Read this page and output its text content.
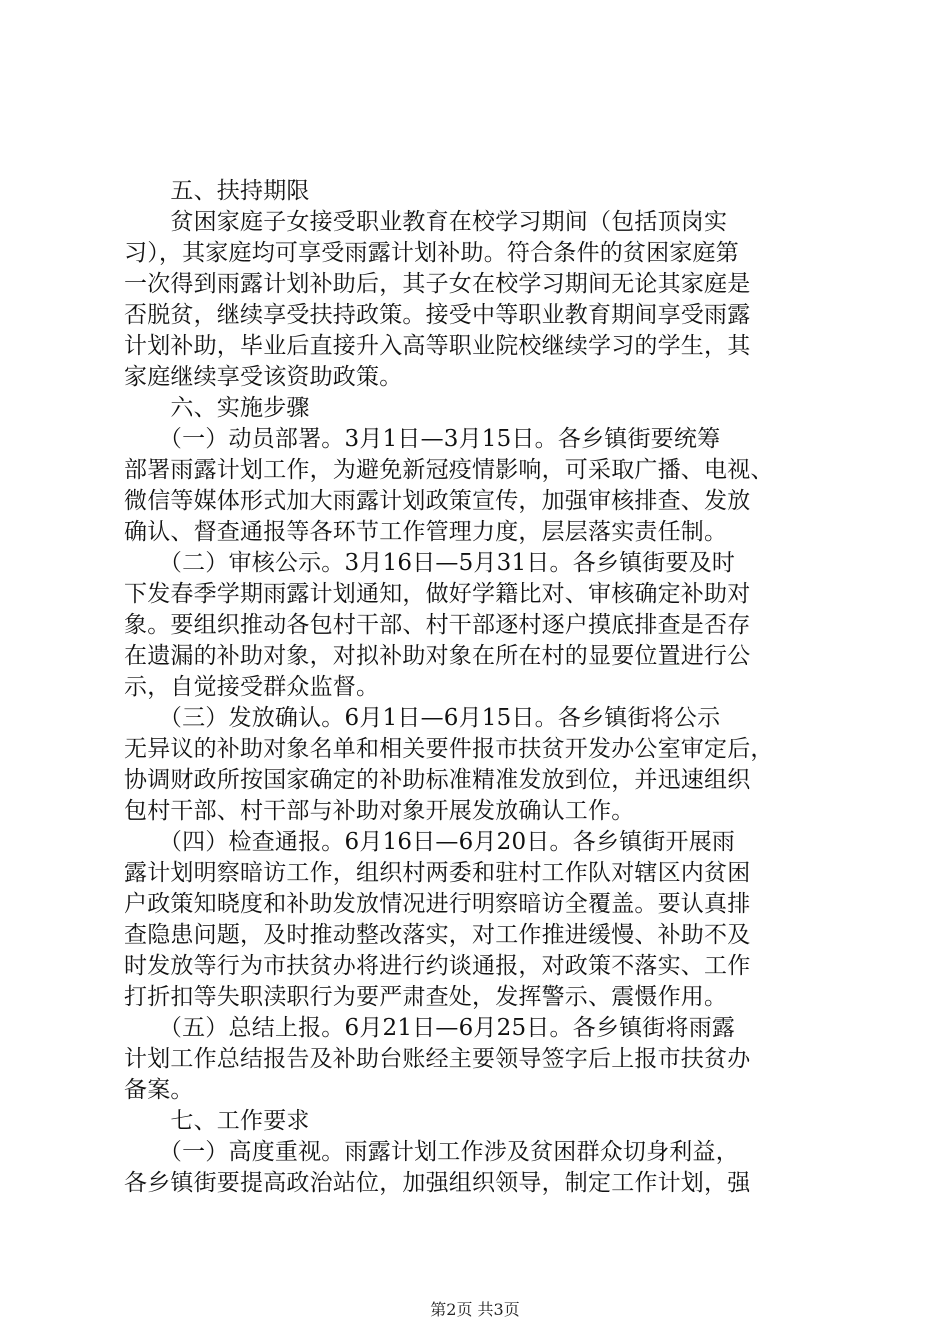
　　五、扶持期限
　　贫困家庭子女接受职业教育在校学习期间（包括顶岗实
习），其家庭均可享受雨露计划补助。符合条件的贫困家庭第
一次得到雨露计划补助后，其子女在校学习期间无论其家庭是
否脱贫，继续享受扶持政策。接受中等职业教育期间享受雨露
计划补助，毕业后直接升入高等职业院校继续学习的学生，其
家庭继续享受该资助政策。
　　六、实施步骤
　　（一）动员部署。3月1日—3月15日。各乡镇街要统筹
部署雨露计划工作，为避免新冠疫情影响，可采取广播、电视、
微信等媒体形式加大雨露计划政策宣传，加强审核排查、发放
确认、督查通报等各环节工作管理力度，层层落实责任制。
　　（二）审核公示。3月16日—5月31日。各乡镇街要及时
下发春季学期雨露计划通知，做好学籍比对、审核确定补助对
象。要组织推动各包村干部、村干部逐村逐户摸底排查是否存
在遗漏的补助对象，对拟补助对象在所在村的显要位置进行公
示，自觉接受群众监督。
　　（三）发放确认。6月1日—6月15日。各乡镇街将公示
无异议的补助对象名单和相关要件报市扶贫开发办公室审定后，
协调财政所按国家确定的补助标准精准发放到位，并迅速组织
包村干部、村干部与补助对象开展发放确认工作。
　　（四）检查通报。6月16日—6月20日。各乡镇街开展雨
露计划明察暗访工作，组织村两委和驻村工作队对辖区内贫困
户政策知晓度和补助发放情况进行明察暗访全覆盖。要认真排
查隐患问题，及时推动整改落实，对工作推进缓慢、补助不及
时发放等行为市扶贫办将进行约谈通报，对政策不落实、工作
打折扣等失职渎职行为要严肃查处，发挥警示、震慑作用。
　　（五）总结上报。6月21日—6月25日。各乡镇街将雨露
计划工作总结报告及补助台账经主要领导签字后上报市扶贫办
备案。
　　七、工作要求
　　（一）高度重视。雨露计划工作涉及贫困群众切身利益，
各乡镇街要提高政治站位，加强组织领导，制定工作计划，强
第2页 共3页
